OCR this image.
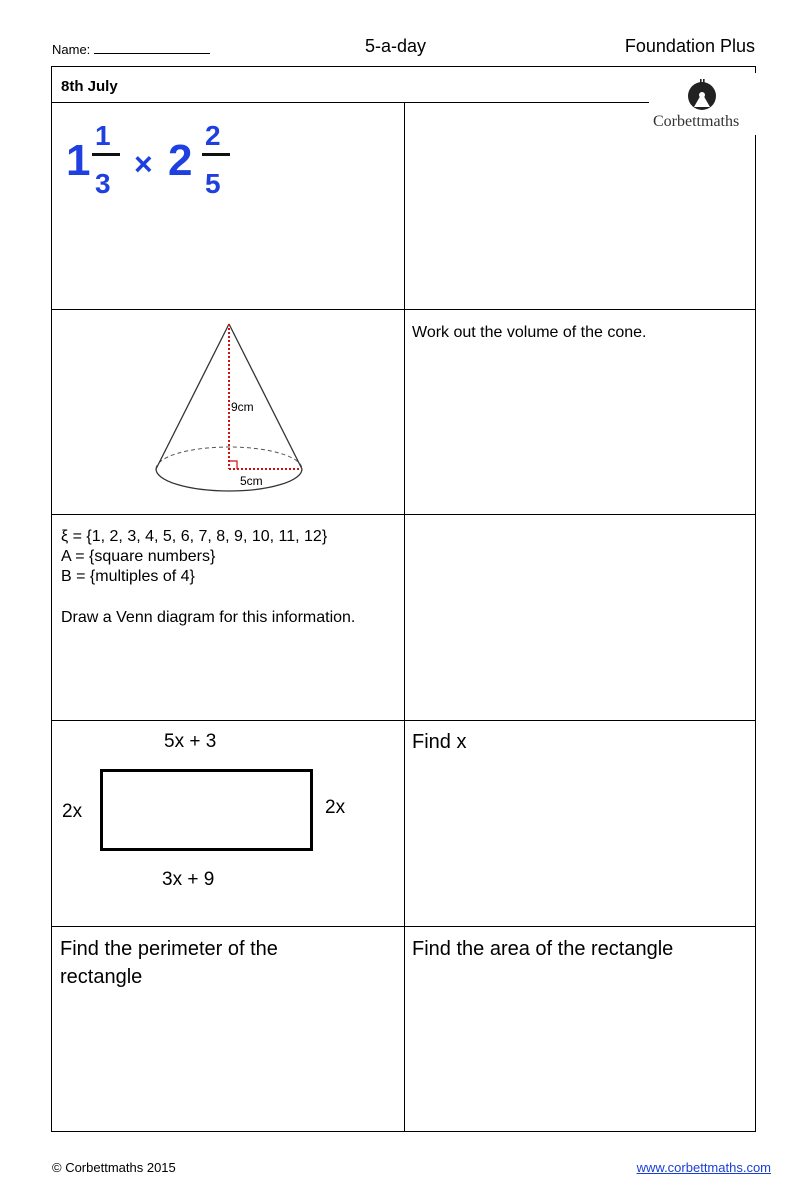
Name:	5-a-day	Foundation Plus
8th July
Corbettmaths
1
1
3
× 2
2
5
9cm
5cm
Work out the volume of the cone.
ξ = {1, 2, 3, 4, 5, 6, 7, 8, 9, 10, 11, 12}
A = {square numbers}
B = {multiples of 4}
Draw a Venn diagram for this information.
5x + 3
3x + 9
2x	2x
Find x
Find the perimeter of the rectangle
Find the area of the rectangle
© Corbettmaths 2015	www.corbettmaths.com
